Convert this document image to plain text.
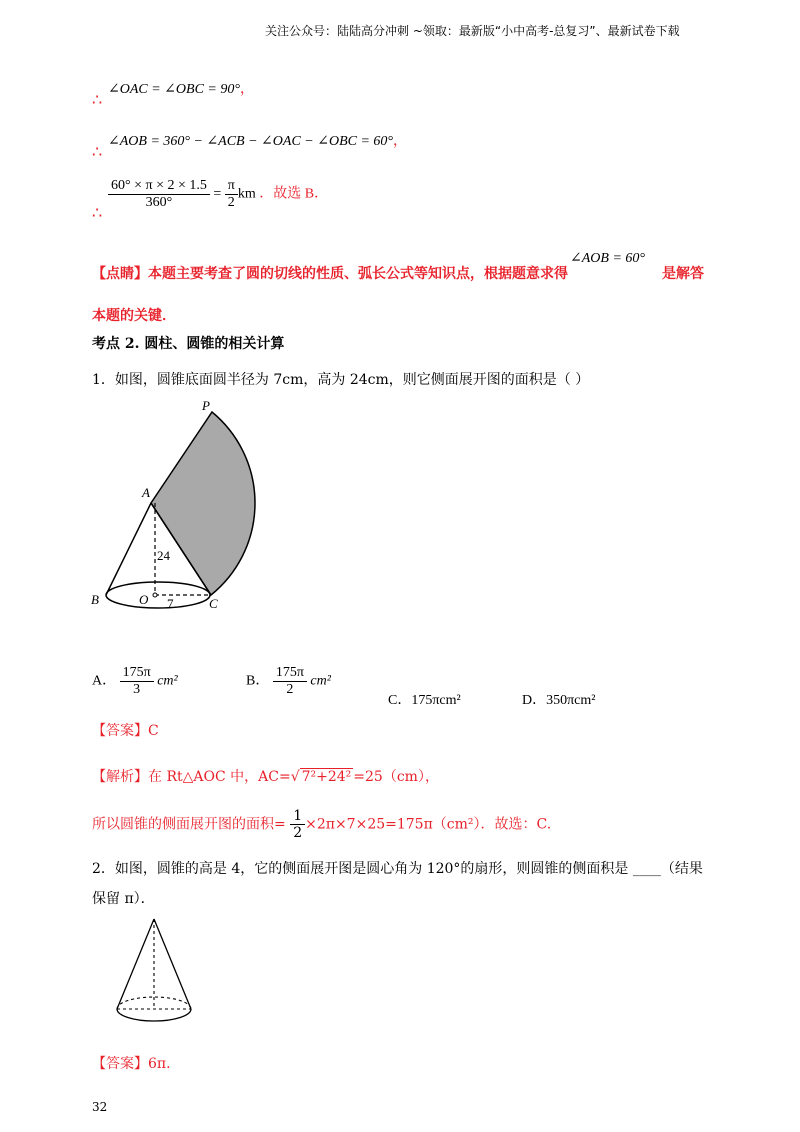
关注公众号：陆陆高分冲刺 ~领取：最新版“小中高考-总复习”、最新试卷下载
∴
∠OAC = ∠OBC = 90°，
∴
∠AOB = 360° − ∠ACB − ∠OAC − ∠OBC = 60°，
∴
$\frac{60^\circ \times \pi \times 2 \times 1.5}{360^\circ} = \frac{\pi}{2}$ km ．故选 B．
【点睛】本题主要考查了圆的切线的性质、弧长公式等知识点，根据题意求得
∠AOB = 60°
是解答
本题的关键．
考点 2. 圆柱、圆锥的相关计算
1．如图，圆锥底面圆半径为 7cm，高为 24cm，则它侧面展开图的面积是（ ）
P
A
B	O	C
24
7
A． $\frac{175\pi}{3} cm^2$	B． $\frac{175\pi}{2} cm^2$
C．175πcm²	D．350πcm²
【答案】C
【解析】在 Rt△AOC 中，AC=√ 7²+24² =25（cm），
所以圆锥的侧面展开图的面积= $\frac{1}{2} \times 2\pi\times 7\times 25=175\pi(cm^2)$．故选：C.
2．如图，圆锥的高是 4，它的侧面展开图是圆心角为 120°的扇形，则圆锥的侧面积是 ____（结果
保留 π）．
【答案】6π.
32
